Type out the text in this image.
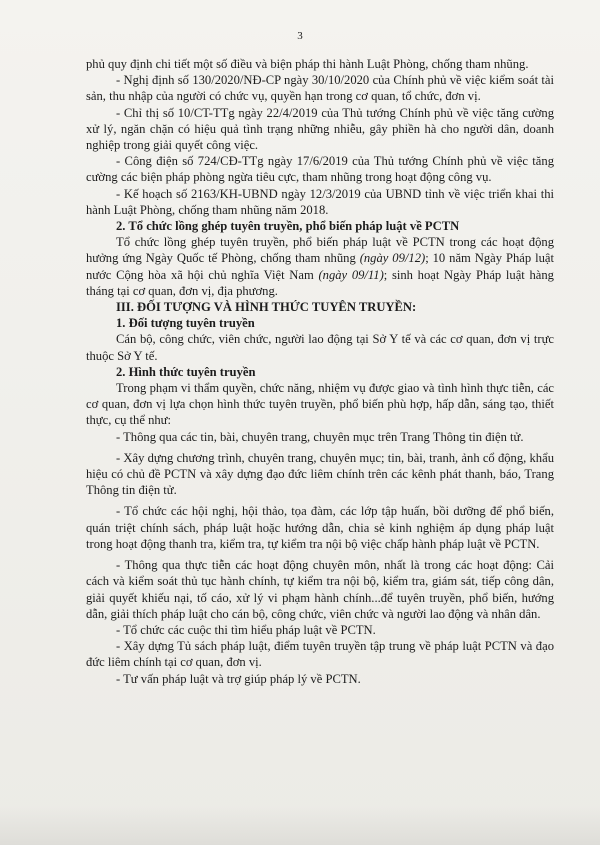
3

phủ quy định chi tiết một số điều và biện pháp thi hành Luật Phòng, chống tham nhũng.

- Nghị định số 130/2020/NĐ-CP ngày 30/10/2020 của Chính phủ về việc kiểm soát tài sản, thu nhập của người có chức vụ, quyền hạn trong cơ quan, tổ chức, đơn vị.

- Chỉ thị số 10/CT-TTg ngày 22/4/2019 của Thủ tướng Chính phủ về việc tăng cường xử lý, ngăn chặn có hiệu quả tình trạng những nhiễu, gây phiền hà cho người dân, doanh nghiệp trong giải quyết công việc.

- Công điện số 724/CĐ-TTg ngày 17/6/2019 của Thủ tướng Chính phủ về việc tăng cường các biện pháp phòng ngừa tiêu cực, tham nhũng trong hoạt động công vụ.

- Kế hoạch số 2163/KH-UBND ngày 12/3/2019 của UBND tỉnh về việc triển khai thi hành Luật Phòng, chống tham nhũng năm 2018.

2. Tổ chức lồng ghép tuyên truyền, phổ biến pháp luật về PCTN

Tổ chức lồng ghép tuyên truyền, phổ biến pháp luật về PCTN trong các hoạt động hưởng ứng Ngày Quốc tế Phòng, chống tham nhũng (ngày 09/12); 10 năm Ngày Pháp luật nước Cộng hòa xã hội chủ nghĩa Việt Nam (ngày 09/11); sinh hoạt Ngày Pháp luật hàng tháng tại cơ quan, đơn vị, địa phương.

III. ĐỐI TƯỢNG VÀ HÌNH THỨC TUYÊN TRUYỀN:

1. Đối tượng tuyên truyền

Cán bộ, công chức, viên chức, người lao động tại Sở Y tế và các cơ quan, đơn vị trực thuộc Sở Y tế.

2. Hình thức tuyên truyền

Trong phạm vi thẩm quyền, chức năng, nhiệm vụ được giao và tình hình thực tiễn, các cơ quan, đơn vị lựa chọn hình thức tuyên truyền, phổ biến phù hợp, hấp dẫn, sáng tạo, thiết thực, cụ thể như:

- Thông qua các tin, bài, chuyên trang, chuyên mục trên Trang Thông tin điện tử.

- Xây dựng chương trình, chuyên trang, chuyên mục; tin, bài, tranh, ảnh cổ động, khẩu hiệu có chủ đề PCTN và xây dựng đạo đức liêm chính trên các kênh phát thanh, báo, Trang Thông tin điện tử.

- Tổ chức các hội nghị, hội thảo, tọa đàm, các lớp tập huấn, bồi dưỡng để phổ biến, quán triệt chính sách, pháp luật hoặc hướng dẫn, chia sẻ kinh nghiệm áp dụng pháp luật trong hoạt động thanh tra, kiểm tra, tự kiểm tra nội bộ việc chấp hành pháp luật về PCTN.

- Thông qua thực tiễn các hoạt động chuyên môn, nhất là trong các hoạt động: Cải cách và kiểm soát thủ tục hành chính, tự kiểm tra nội bộ, kiểm tra, giám sát, tiếp công dân, giải quyết khiếu nại, tố cáo, xử lý vi phạm hành chính...để tuyên truyền, phổ biến, hướng dẫn, giải thích pháp luật cho cán bộ, công chức, viên chức và người lao động và nhân dân.

- Tổ chức các cuộc thi tìm hiểu pháp luật về PCTN.

- Xây dựng Tủ sách pháp luật, điểm tuyên truyền tập trung về pháp luật PCTN và đạo đức liêm chính tại cơ quan, đơn vị.

- Tư vấn pháp luật và trợ giúp pháp lý về PCTN.
